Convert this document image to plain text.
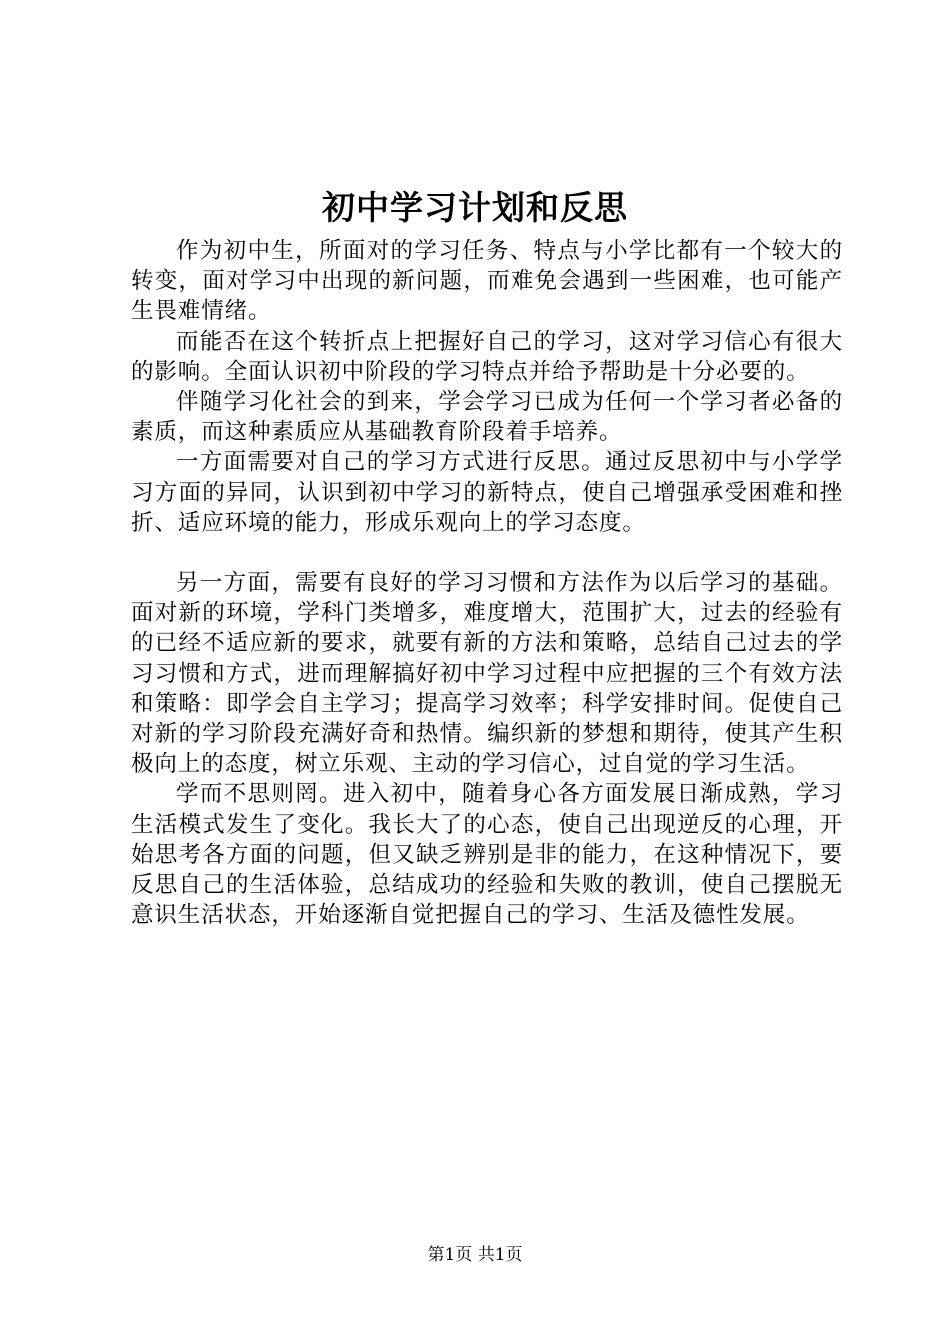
初中学习计划和反思

作为初中生，所面对的学习任务、特点与小学比都有一个较大的转变，面对学习中出现的新问题，而难免会遇到一些困难，也可能产生畏难情绪。

而能否在这个转折点上把握好自己的学习，这对学习信心有很大的影响。全面认识初中阶段的学习特点并给予帮助是十分必要的。

伴随学习化社会的到来，学会学习已成为任何一个学习者必备的素质，而这种素质应从基础教育阶段着手培养。

一方面需要对自己的学习方式进行反思。通过反思初中与小学学习方面的异同，认识到初中学习的新特点，使自己增强承受困难和挫折、适应环境的能力，形成乐观向上的学习态度。

另一方面，需要有良好的学习习惯和方法作为以后学习的基础。面对新的环境，学科门类增多，难度增大，范围扩大，过去的经验有的已经不适应新的要求，就要有新的方法和策略，总结自己过去的学习习惯和方式，进而理解搞好初中学习过程中应把握的三个有效方法和策略：即学会自主学习；提高学习效率；科学安排时间。促使自己对新的学习阶段充满好奇和热情。编织新的梦想和期待，使其产生积极向上的态度，树立乐观、主动的学习信心，过自觉的学习生活。

学而不思则罔。进入初中，随着身心各方面发展日渐成熟，学习生活模式发生了变化。我长大了的心态，使自己出现逆反的心理，开始思考各方面的问题，但又缺乏辨别是非的能力，在这种情况下，要反思自己的生活体验，总结成功的经验和失败的教训，使自己摆脱无意识生活状态，开始逐渐自觉把握自己的学习、生活及德性发展。

第1页 共1页
